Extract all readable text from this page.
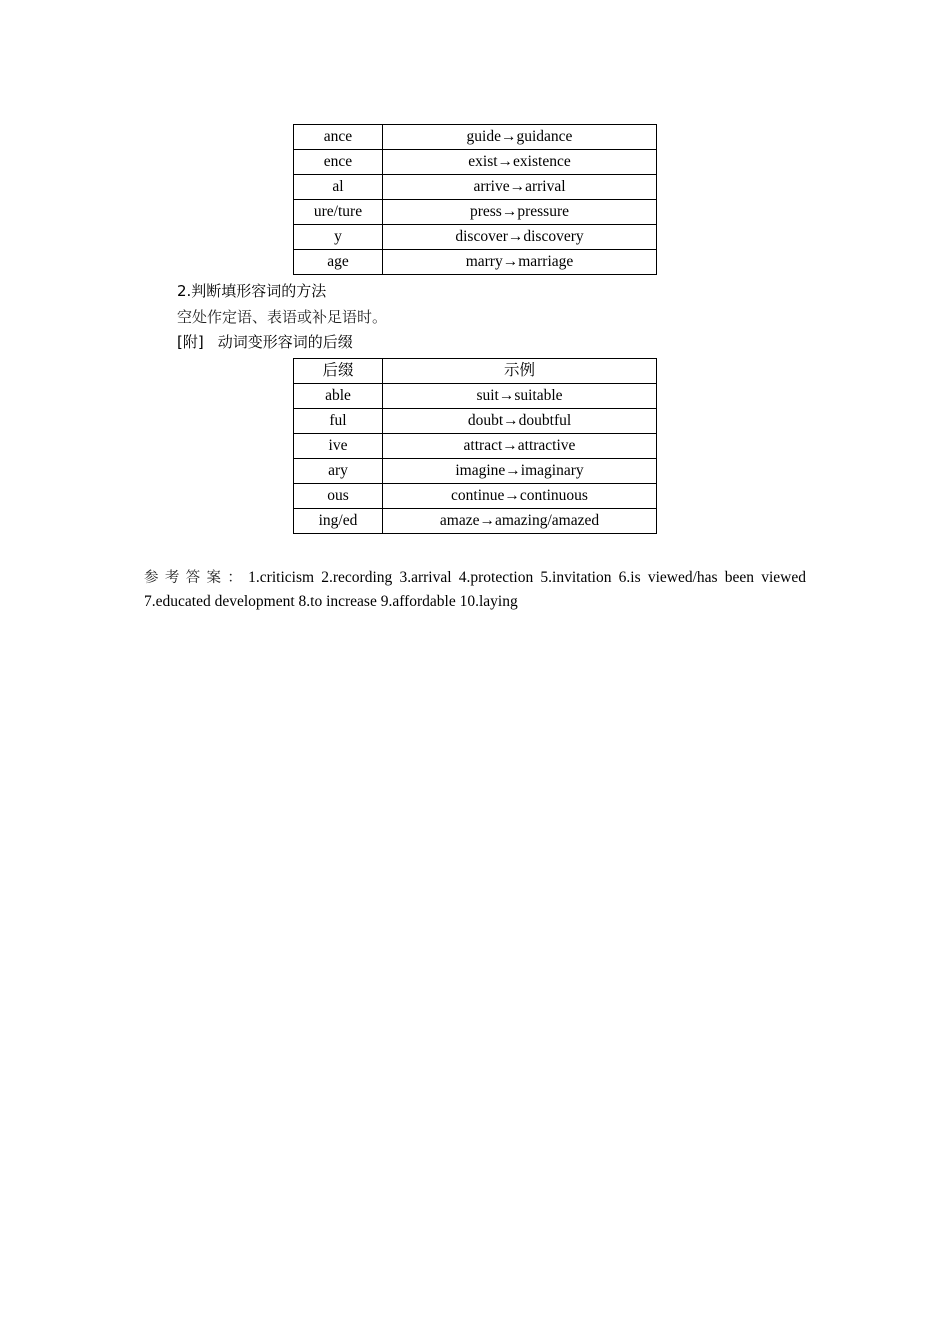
ance	guide→guidance
ence	exist→existence
al	arrive→arrival
ure/ture	press→pressure
y	discover→discovery
age	marry→marriage
2.判断填形容词的方法
空处作定语、表语或补足语时。
[附] 动词变形容词的后缀
后缀	示例
able	suit→suitable
ful	doubt→doubtful
ive	attract→attractive
ary	imagine→imaginary
ous	continue→continuous
ing/ed	amaze→amazing/amazed
参考答案：1.criticism 2.recording 3.arrival 4.protection 5.invitation 6.is viewed/has been viewed 7.educated development 8.to increase 9.affordable 10.laying
